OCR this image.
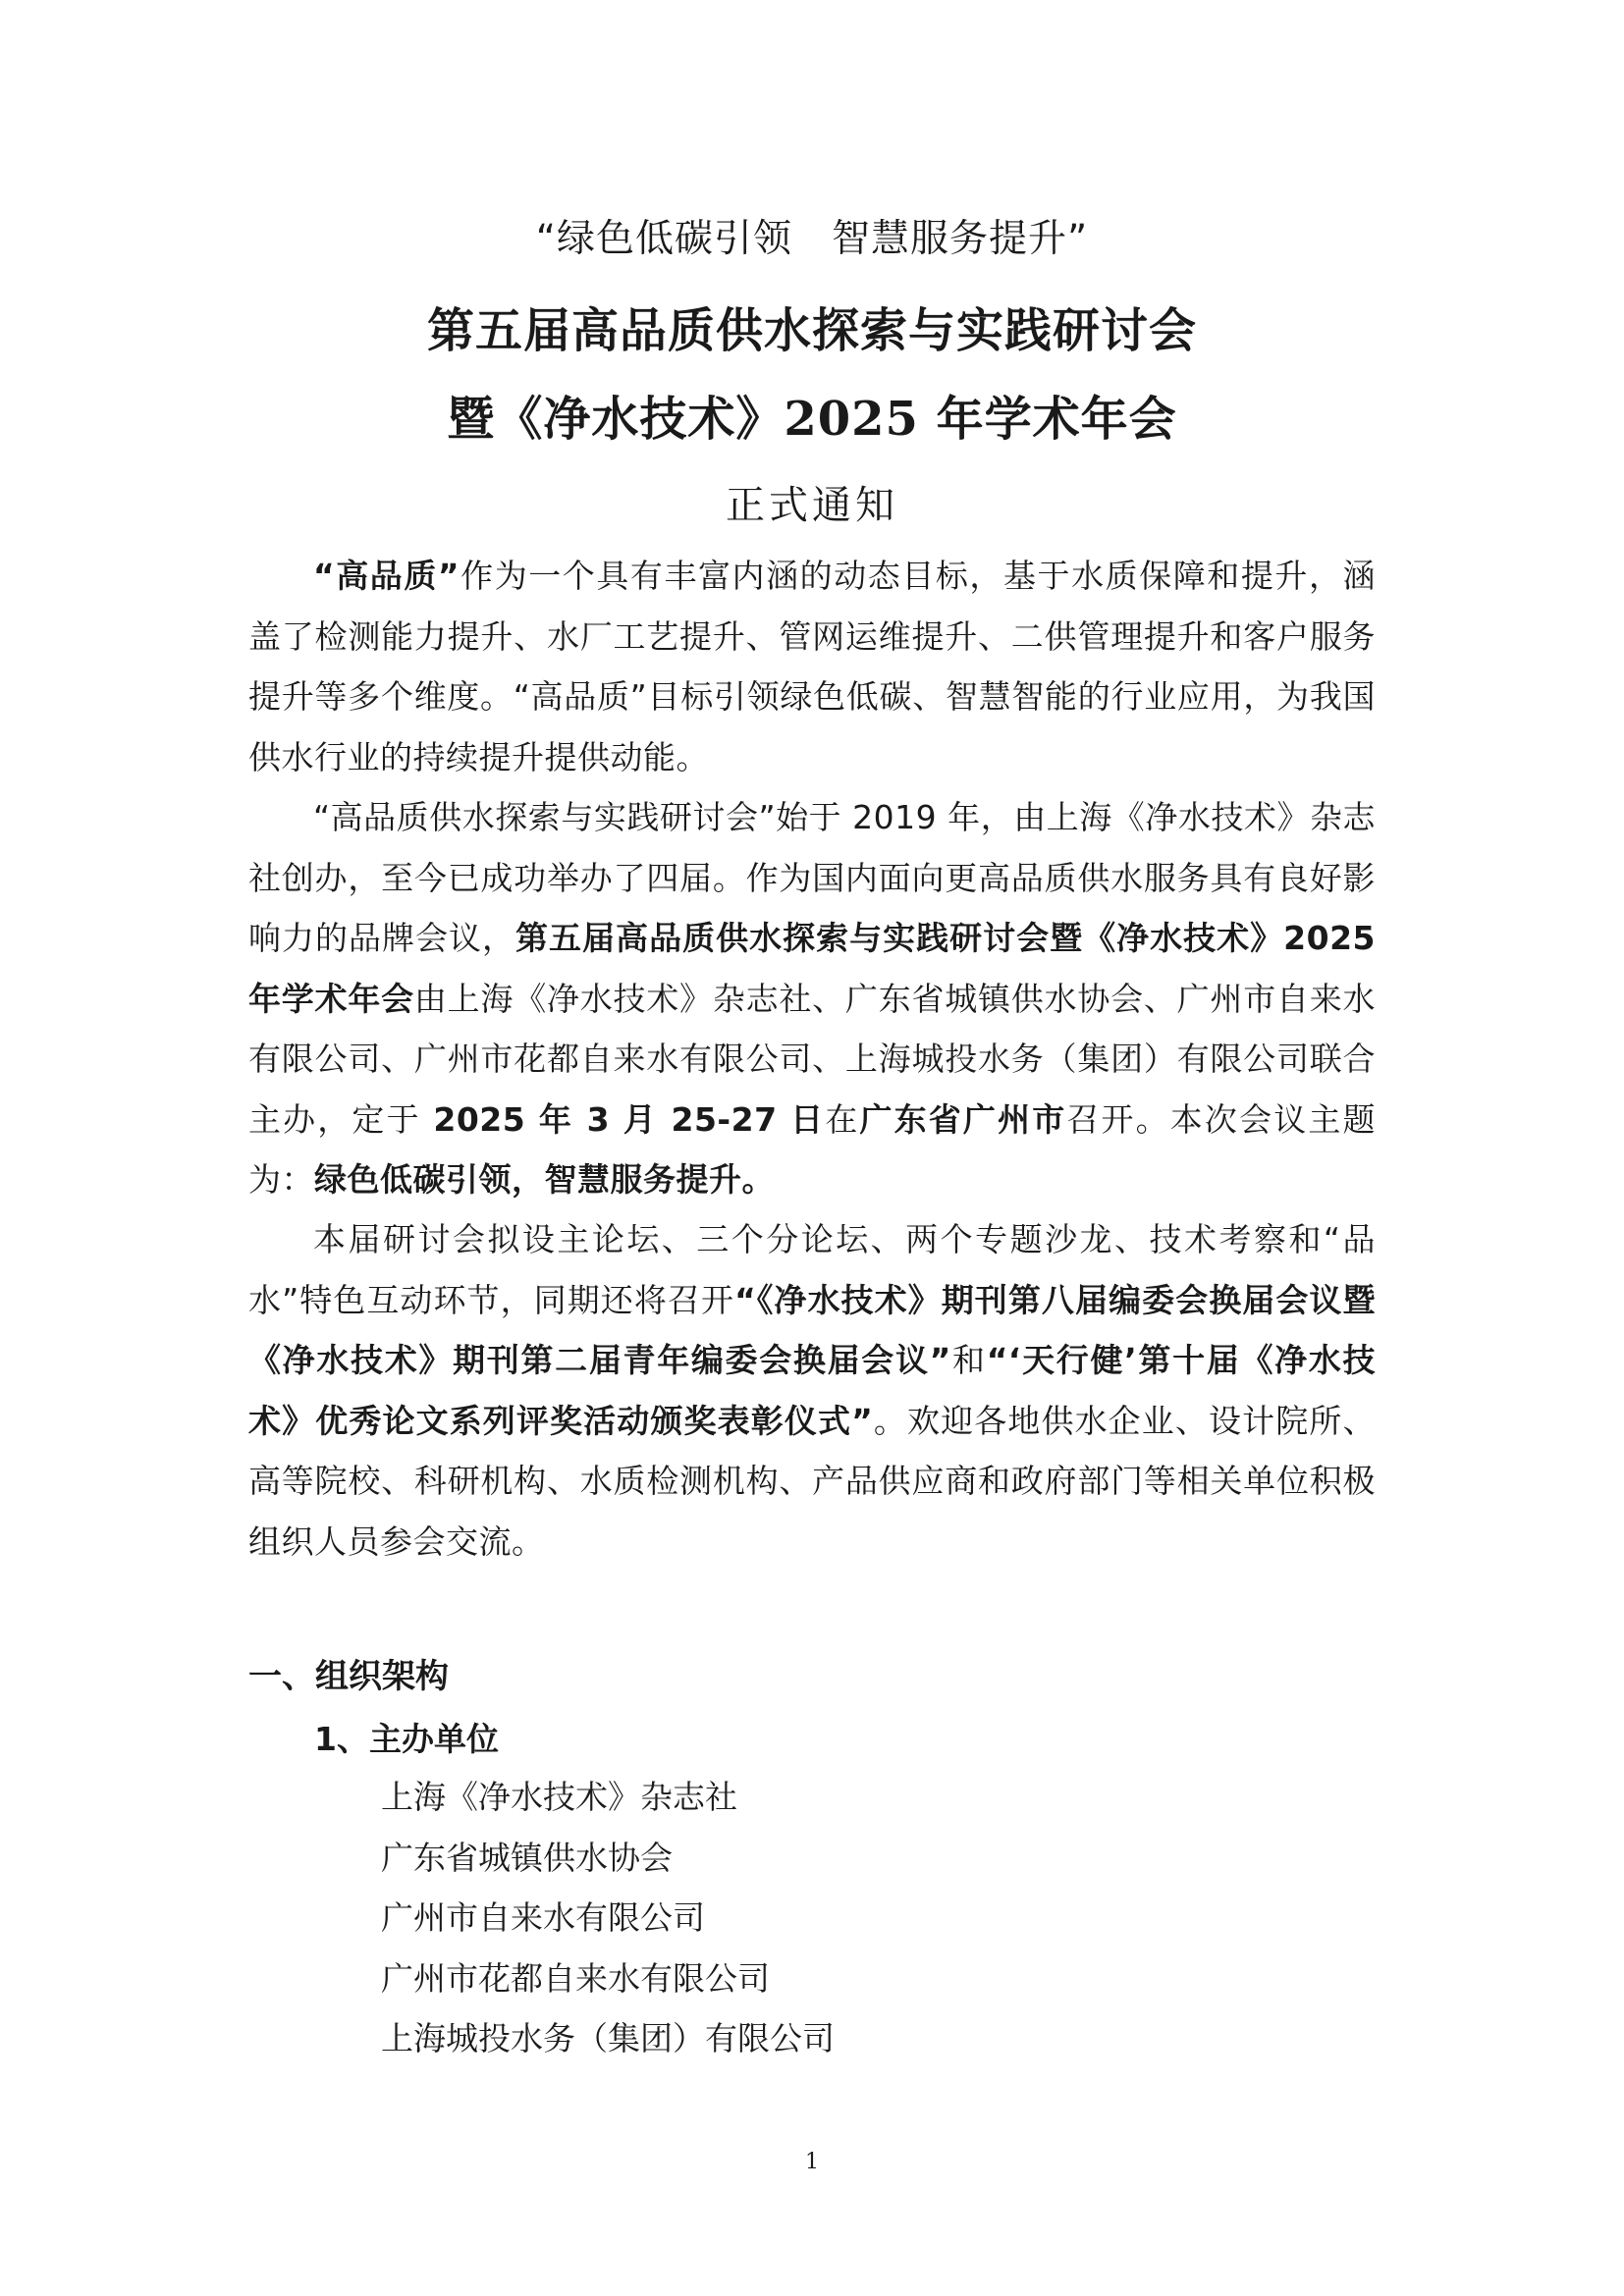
“绿色低碳引领 智慧服务提升”
第五届高品质供水探索与实践研讨会
暨《净水技术》2025 年学术年会
正式通知

“高品质”作为一个具有丰富内涵的动态目标，基于水质保障和提升，涵盖了检测能力提升、水厂工艺提升、管网运维提升、二供管理提升和客户服务提升等多个维度。“高品质”目标引领绿色低碳、智慧智能的行业应用，为我国供水行业的持续提升提供动能。

“高品质供水探索与实践研讨会”始于 2019 年，由上海《净水技术》杂志社创办，至今已成功举办了四届。作为国内面向更高品质供水服务具有良好影响力的品牌会议，第五届高品质供水探索与实践研讨会暨《净水技术》2025 年学术年会由上海《净水技术》杂志社、广东省城镇供水协会、广州市自来水有限公司、广州市花都自来水有限公司、上海城投水务（集团）有限公司联合主办，定于 2025 年 3 月 25-27 日在广东省广州市召开。本次会议主题为：绿色低碳引领，智慧服务提升。

本届研讨会拟设主论坛、三个分论坛、两个专题沙龙、技术考察和“品水”特色互动环节，同期还将召开“《净水技术》期刊第八届编委会换届会议暨《净水技术》期刊第二届青年编委会换届会议”和“‘天行健’第十届《净水技术》优秀论文系列评奖活动颁奖表彰仪式”。欢迎各地供水企业、设计院所、高等院校、科研机构、水质检测机构、产品供应商和政府部门等相关单位积极组织人员参会交流。

一、组织架构
1、主办单位
上海《净水技术》杂志社
广东省城镇供水协会
广州市自来水有限公司
广州市花都自来水有限公司
上海城投水务（集团）有限公司
1
